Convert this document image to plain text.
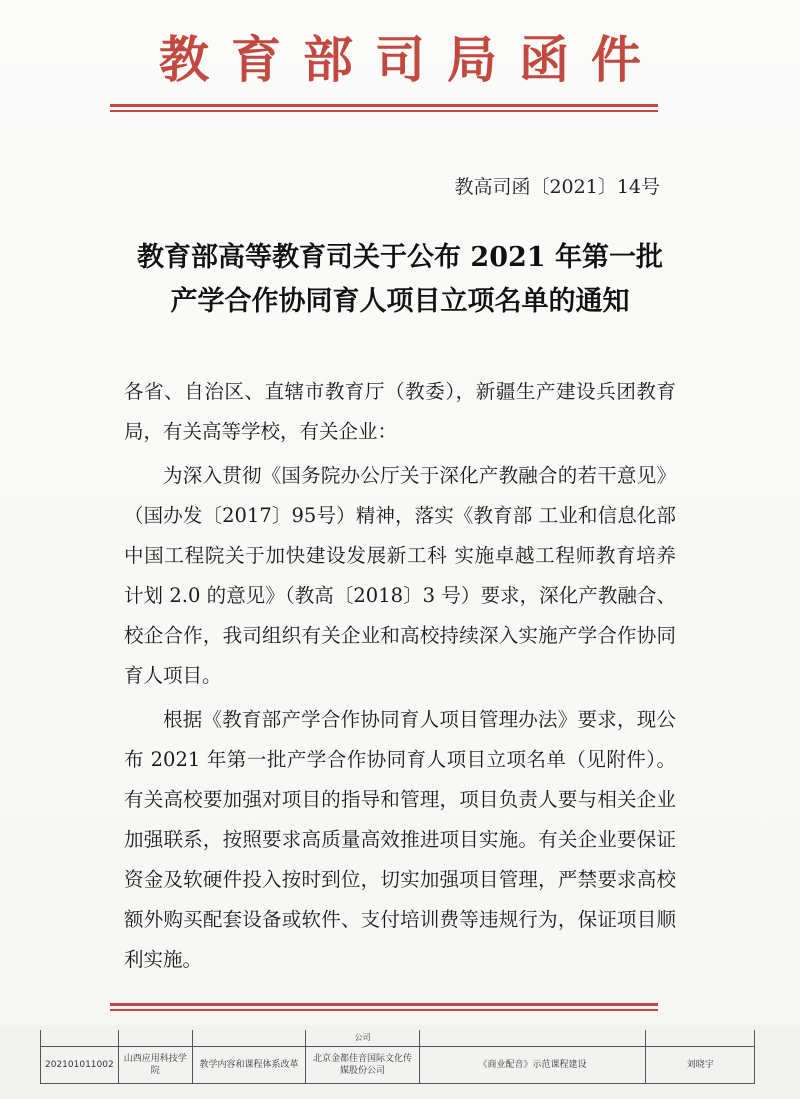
教育部司局函件
教高司函〔2021〕14号
教育部高等教育司关于公布 2021 年第一批
产学合作协同育人项目立项名单的通知

各省、自治区、直辖市教育厅（教委），新疆生产建设兵团教育局，有关高等学校，有关企业：

为深入贯彻《国务院办公厅关于深化产教融合的若干意见》（国办发〔2017〕95号）精神，落实《教育部 工业和信息化部 中国工程院关于加快建设发展新工科 实施卓越工程师教育培养计划 2.0 的意见》（教高〔2018〕3 号）要求，深化产教融合、校企合作，我司组织有关企业和高校持续深入实施产学合作协同育人项目。

根据《教育部产学合作协同育人项目管理办法》要求，现公布 2021 年第一批产学合作协同育人项目立项名单（见附件）。有关高校要加强对项目的指导和管理，项目负责人要与相关企业加强联系，按照要求高质量高效推进项目实施。有关企业要保证资金及软硬件投入按时到位，切实加强项目管理，严禁要求高校额外购买配套设备或软件、支付培训费等违规行为，保证项目顺利实施。

			公司		
202101011002	山西应用科技学院	教学内容和课程体系改革	北京金都佳音国际文化传媒股份公司	《商业配音》示范课程建设	刘晓宇
